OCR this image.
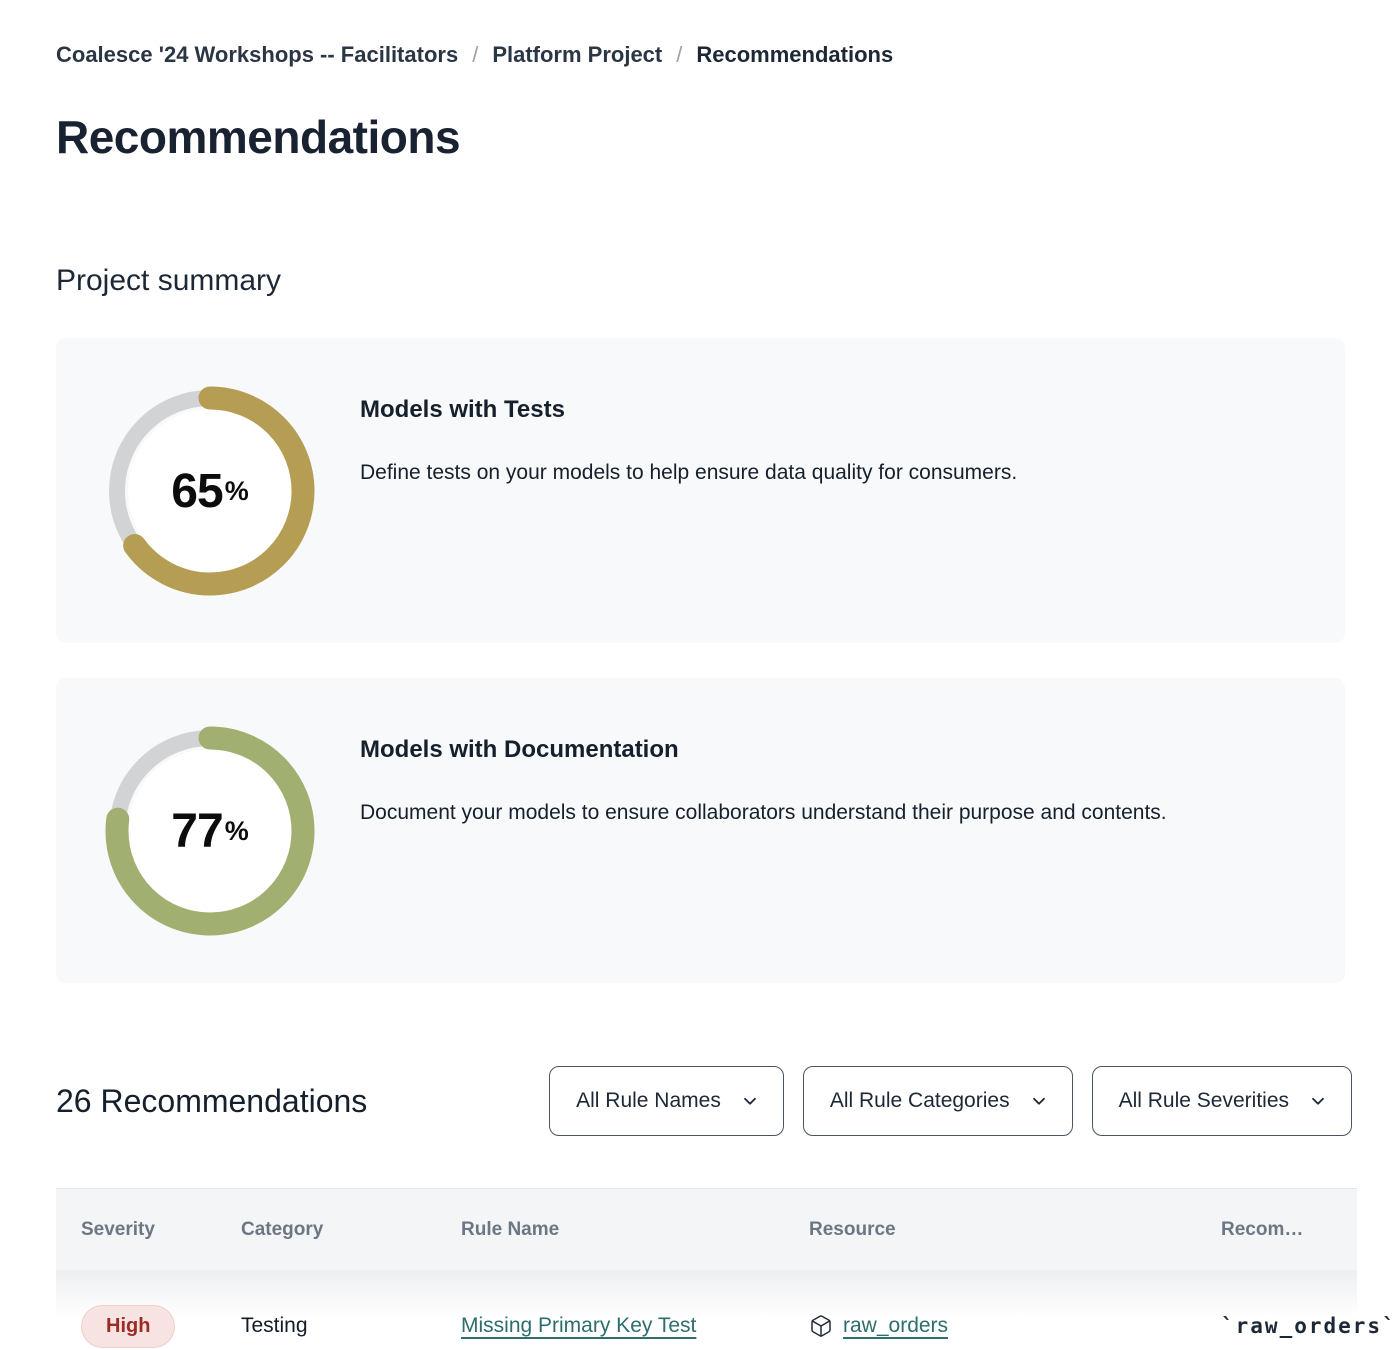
Coalesce '24 Workshops -- Facilitators / Platform Project / Recommendations
Recommendations
Project summary
65 %
Models with Tests
Define tests on your models to help ensure data quality for consumers.
77 %
Models with Documentation
Document your models to ensure collaborators understand their purpose and contents.
26 Recommendations	All Rule Names	All Rule Categories	All Rule Severities
Severity	Category	Rule Name	Resource	Recom…
High	Testing	Missing Primary Key Test	raw_orders	`raw_orders`
